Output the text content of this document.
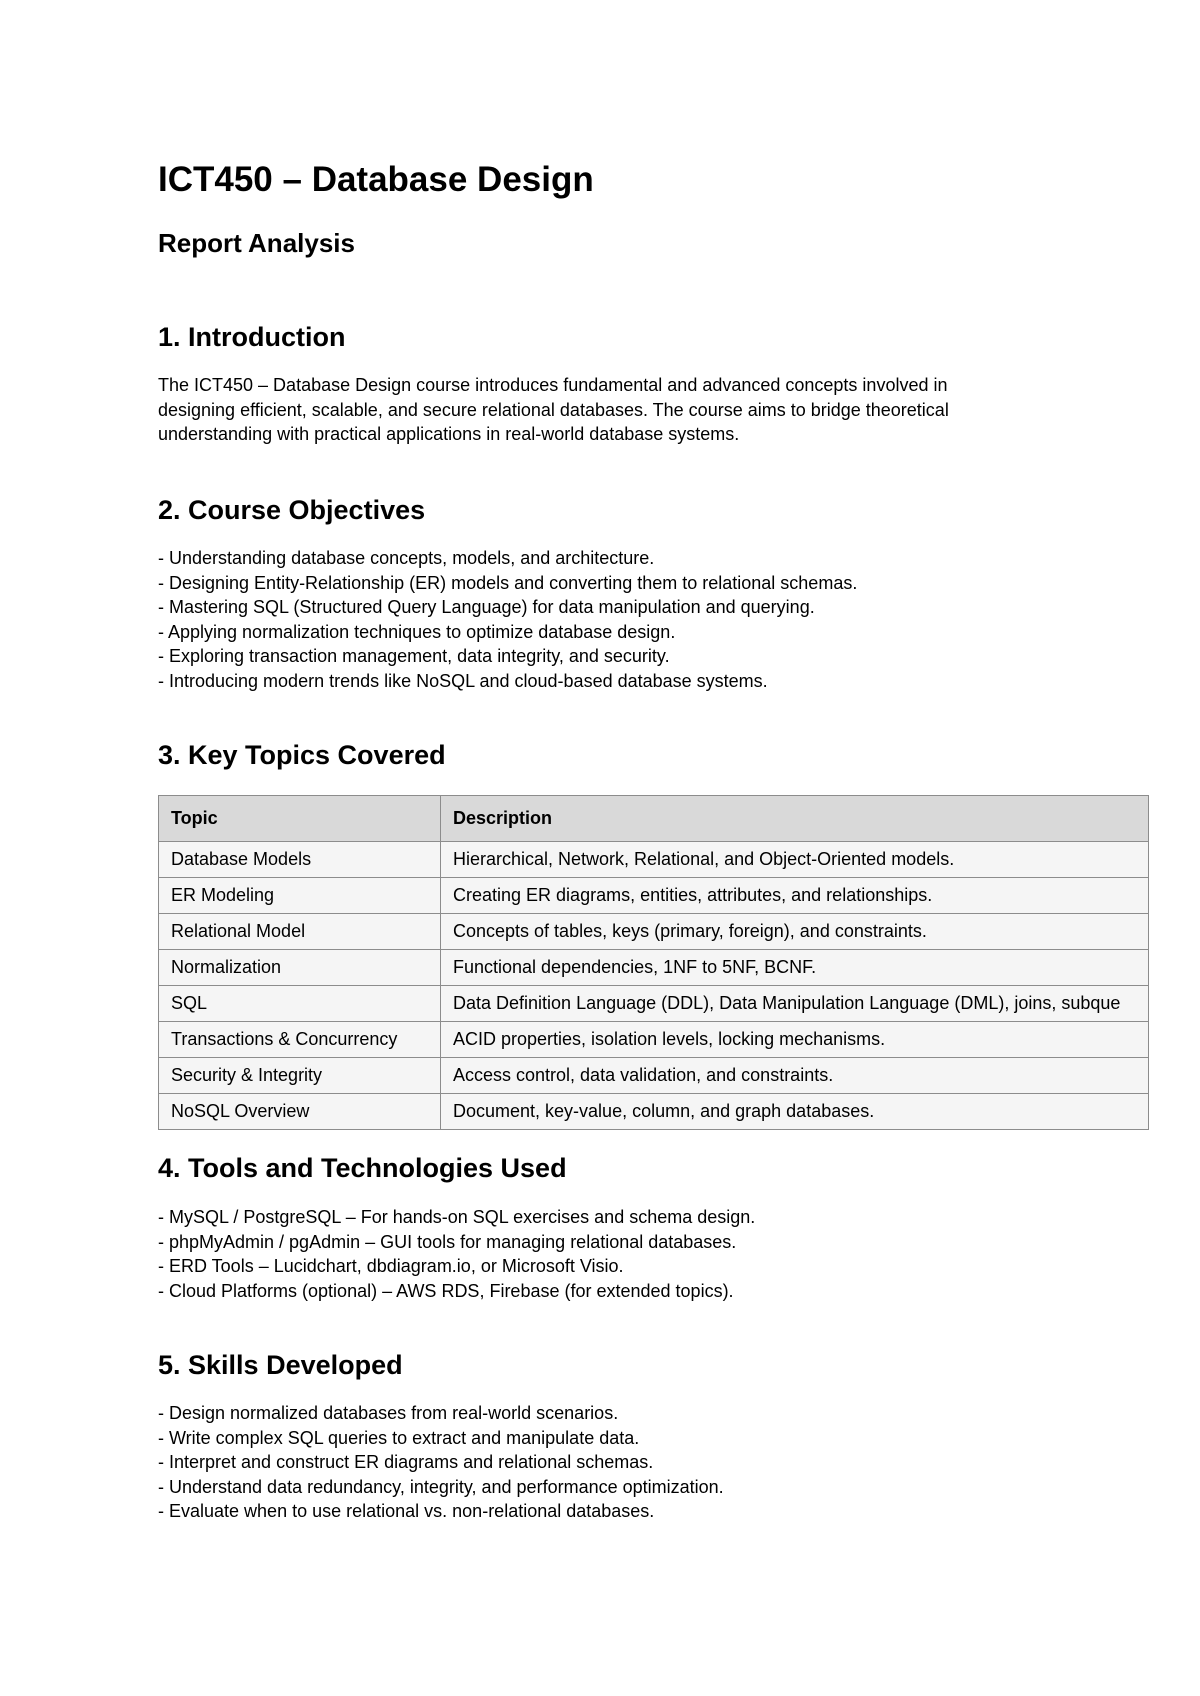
ICT450 – Database Design
Report Analysis
1. Introduction
The ICT450 – Database Design course introduces fundamental and advanced concepts involved in
designing efficient, scalable, and secure relational databases. The course aims to bridge theoretical
understanding with practical applications in real-world database systems.
2. Course Objectives
- Understanding database concepts, models, and architecture.
- Designing Entity-Relationship (ER) models and converting them to relational schemas.
- Mastering SQL (Structured Query Language) for data manipulation and querying.
- Applying normalization techniques to optimize database design.
- Exploring transaction management, data integrity, and security.
- Introducing modern trends like NoSQL and cloud-based database systems.
3. Key Topics Covered
Topic	Description
Database Models	Hierarchical, Network, Relational, and Object-Oriented models.
ER Modeling	Creating ER diagrams, entities, attributes, and relationships.
Relational Model	Concepts of tables, keys (primary, foreign), and constraints.
Normalization	Functional dependencies, 1NF to 5NF, BCNF.
SQL	Data Definition Language (DDL), Data Manipulation Language (DML), joins, subque
Transactions & Concurrency	ACID properties, isolation levels, locking mechanisms.
Security & Integrity	Access control, data validation, and constraints.
NoSQL Overview	Document, key-value, column, and graph databases.
4. Tools and Technologies Used
- MySQL / PostgreSQL – For hands-on SQL exercises and schema design.
- phpMyAdmin / pgAdmin – GUI tools for managing relational databases.
- ERD Tools – Lucidchart, dbdiagram.io, or Microsoft Visio.
- Cloud Platforms (optional) – AWS RDS, Firebase (for extended topics).
5. Skills Developed
- Design normalized databases from real-world scenarios.
- Write complex SQL queries to extract and manipulate data.
- Interpret and construct ER diagrams and relational schemas.
- Understand data redundancy, integrity, and performance optimization.
- Evaluate when to use relational vs. non-relational databases.
